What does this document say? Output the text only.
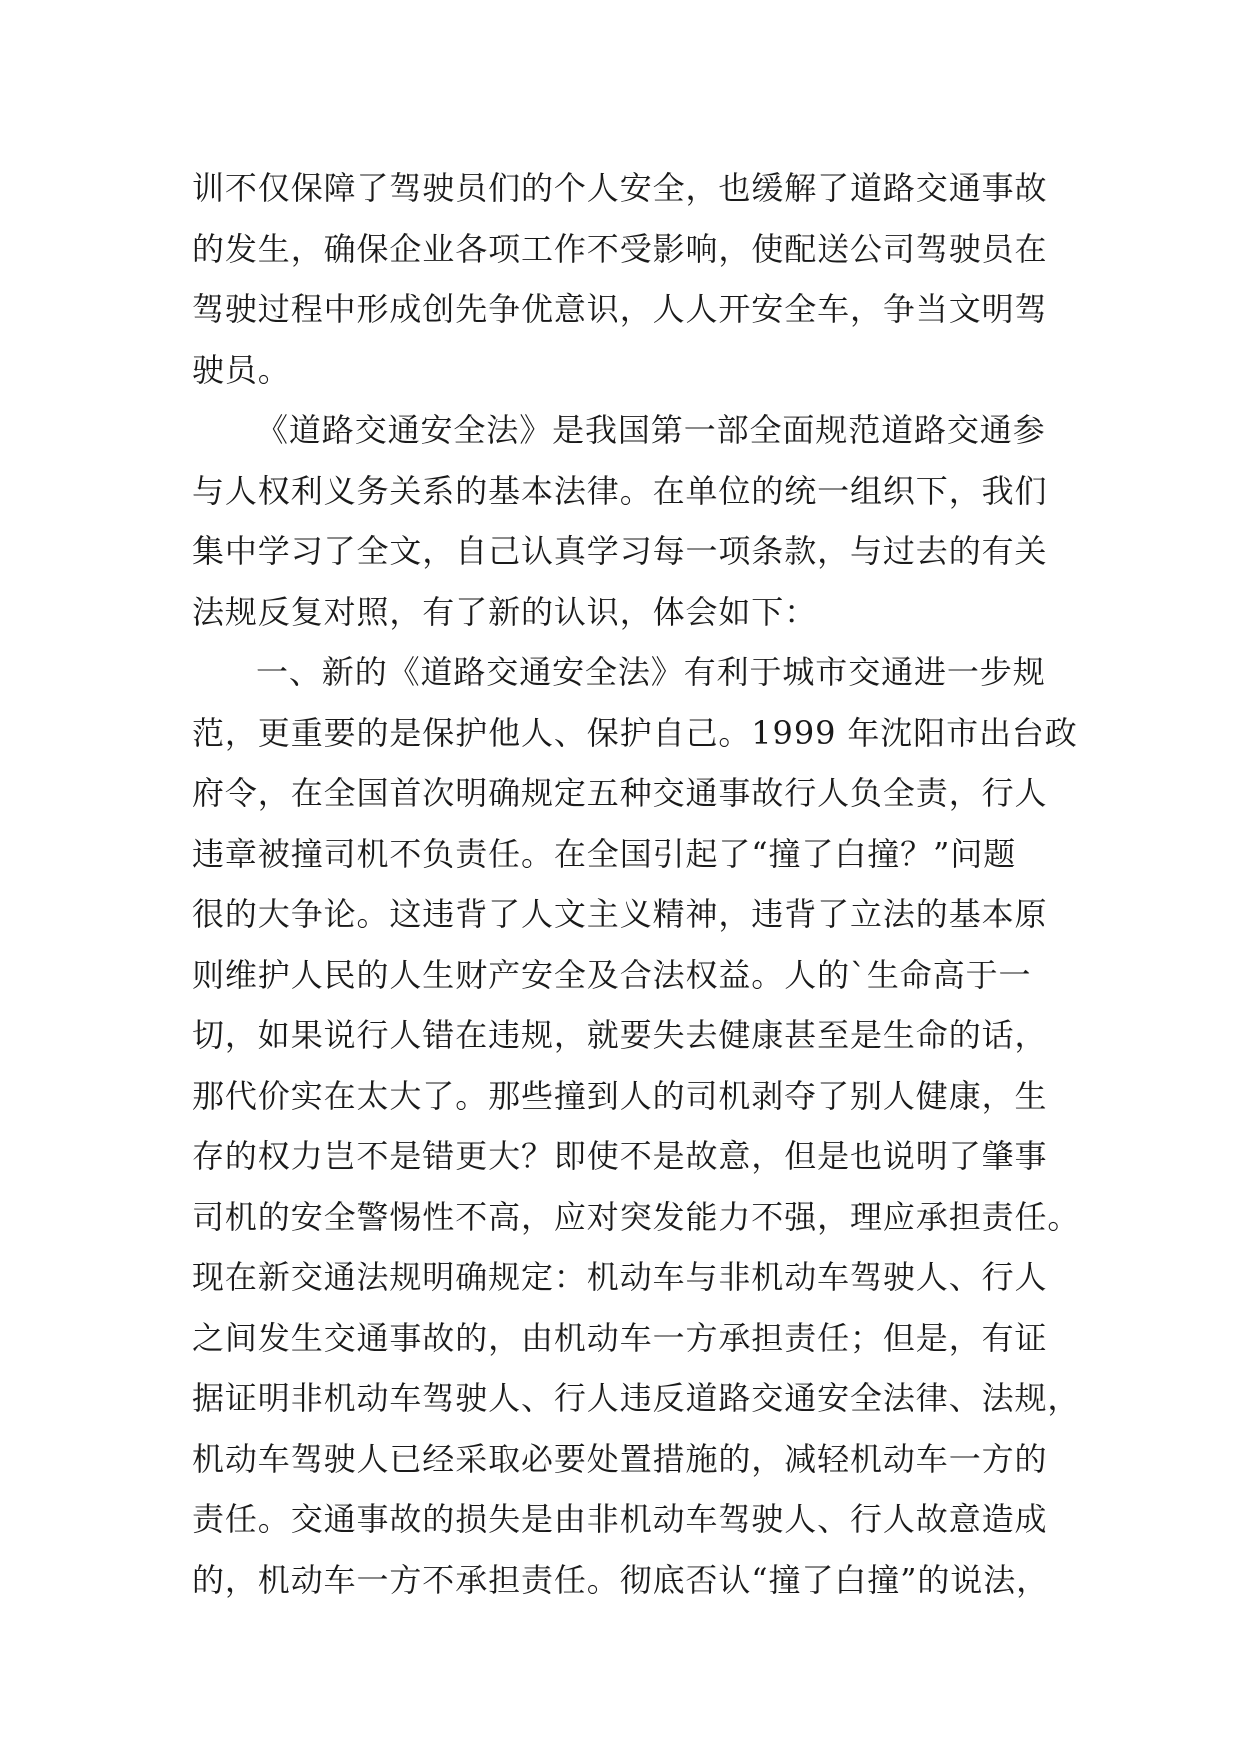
训不仅保障了驾驶员们的个人安全，也缓解了道路交通事故
的发生，确保企业各项工作不受影响，使配送公司驾驶员在
驾驶过程中形成创先争优意识，人人开安全车，争当文明驾
驶员。
《道路交通安全法》是我国第一部全面规范道路交通参
与人权利义务关系的基本法律。在单位的统一组织下，我们
集中学习了全文，自己认真学习每一项条款，与过去的有关
法规反复对照，有了新的认识，体会如下：
一、新的《道路交通安全法》有利于城市交通进一步规
范，更重要的是保护他人、保护自己。1999 年沈阳市出台政
府令，在全国首次明确规定五种交通事故行人负全责，行人
违章被撞司机不负责任。在全国引起了“撞了白撞？”问题
很的大争论。这违背了人文主义精神，违背了立法的基本原
则维护人民的人生财产安全及合法权益。人的`生命高于一
切，如果说行人错在违规，就要失去健康甚至是生命的话，
那代价实在太大了。那些撞到人的司机剥夺了别人健康，生
存的权力岂不是错更大？即使不是故意，但是也说明了肇事
司机的安全警惕性不高，应对突发能力不强，理应承担责任。
现在新交通法规明确规定：机动车与非机动车驾驶人、行人
之间发生交通事故的，由机动车一方承担责任；但是，有证
据证明非机动车驾驶人、行人违反道路交通安全法律、法规，
机动车驾驶人已经采取必要处置措施的，减轻机动车一方的
责任。交通事故的损失是由非机动车驾驶人、行人故意造成
的，机动车一方不承担责任。彻底否认“撞了白撞”的说法，
